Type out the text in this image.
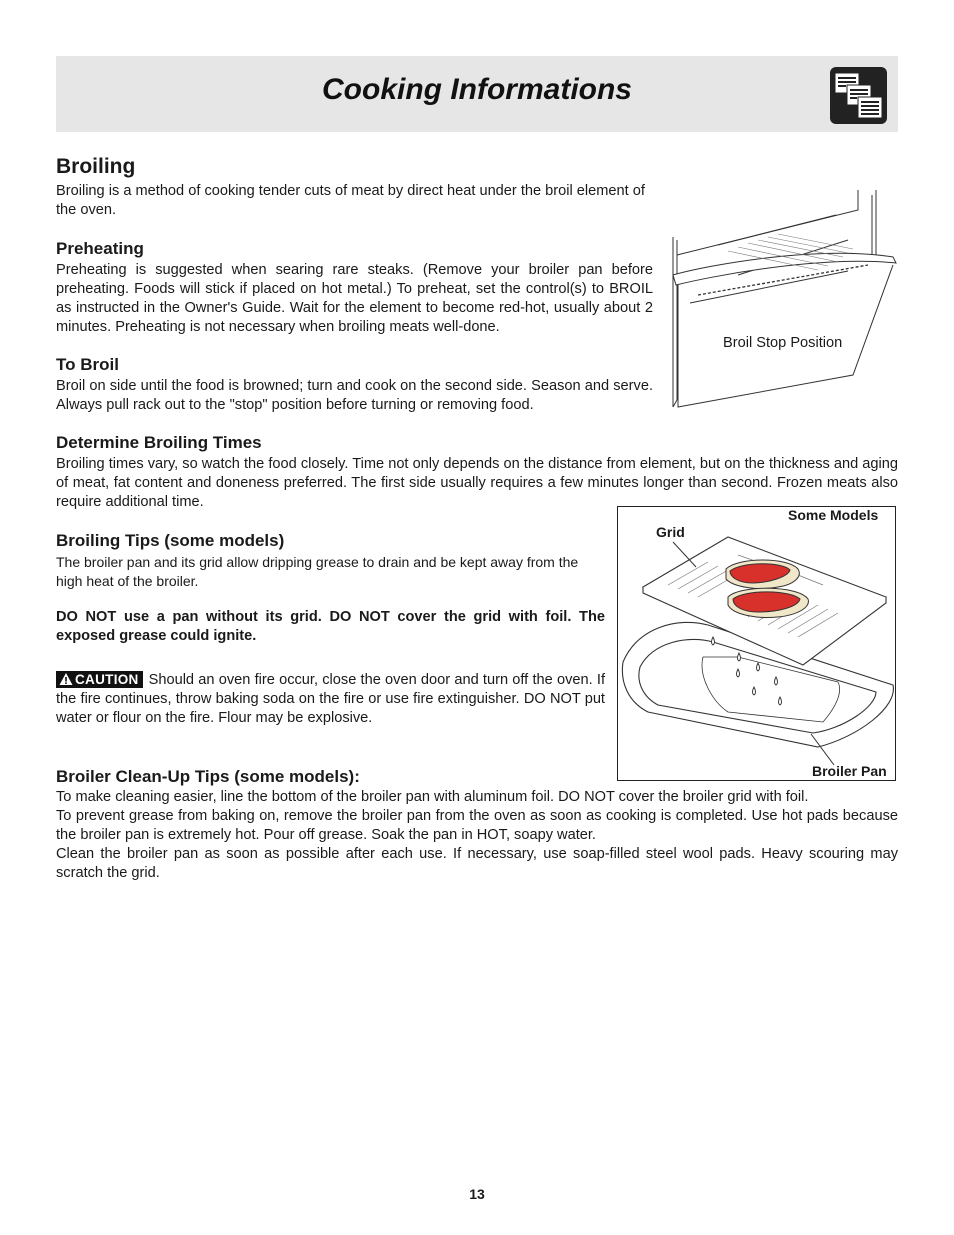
Cooking Informations
Broiling

Broiling is a method of cooking tender cuts of meat by direct heat under the broil element of the oven.

Preheating

Preheating is suggested when searing rare steaks. (Remove your broiler pan before preheating. Foods will stick if placed on hot metal.) To preheat, set the control(s) to BROIL as instructed in the Owner's Guide. Wait for the element to become red-hot, usually about 2 minutes. Preheating is not necessary when broiling meats well-done.

To Broil

Broil on side until the food is browned; turn and cook on the second side. Season and serve. Always pull rack out to the "stop" position before turning or removing food.

Broil Stop Position
Determine Broiling Times

Broiling times vary, so watch the food closely. Time not only depends on the distance from element, but on the thickness and aging of meat, fat content and doneness preferred. The first side usually requires a few minutes longer than second. Frozen meats also require additional time.

Broiling Tips (some models)

The broiler pan and its grid allow dripping grease to drain and be kept away from the high heat of the broiler.

DO NOT use a pan without its grid. DO NOT cover the grid with foil. The exposed grease could ignite.

CAUTION Should an oven fire occur, close the oven door and turn off the oven. If the fire continues, throw baking soda on the fire or use fire extinguisher. DO NOT put water or flour on the fire. Flour may be explosive.

Some Models
Grid
Broiler Pan
Broiler Clean-Up Tips (some models):

To make cleaning easier, line the bottom of the broiler pan with aluminum foil. DO NOT cover the broiler grid with foil.

To prevent grease from baking on, remove the broiler pan from the oven as soon as cooking is completed. Use hot pads because the broiler pan is extremely hot. Pour off grease. Soak the pan in HOT, soapy water.

Clean the broiler pan as soon as possible after each use. If necessary, use soap-filled steel wool pads. Heavy scouring may scratch the grid.

13
